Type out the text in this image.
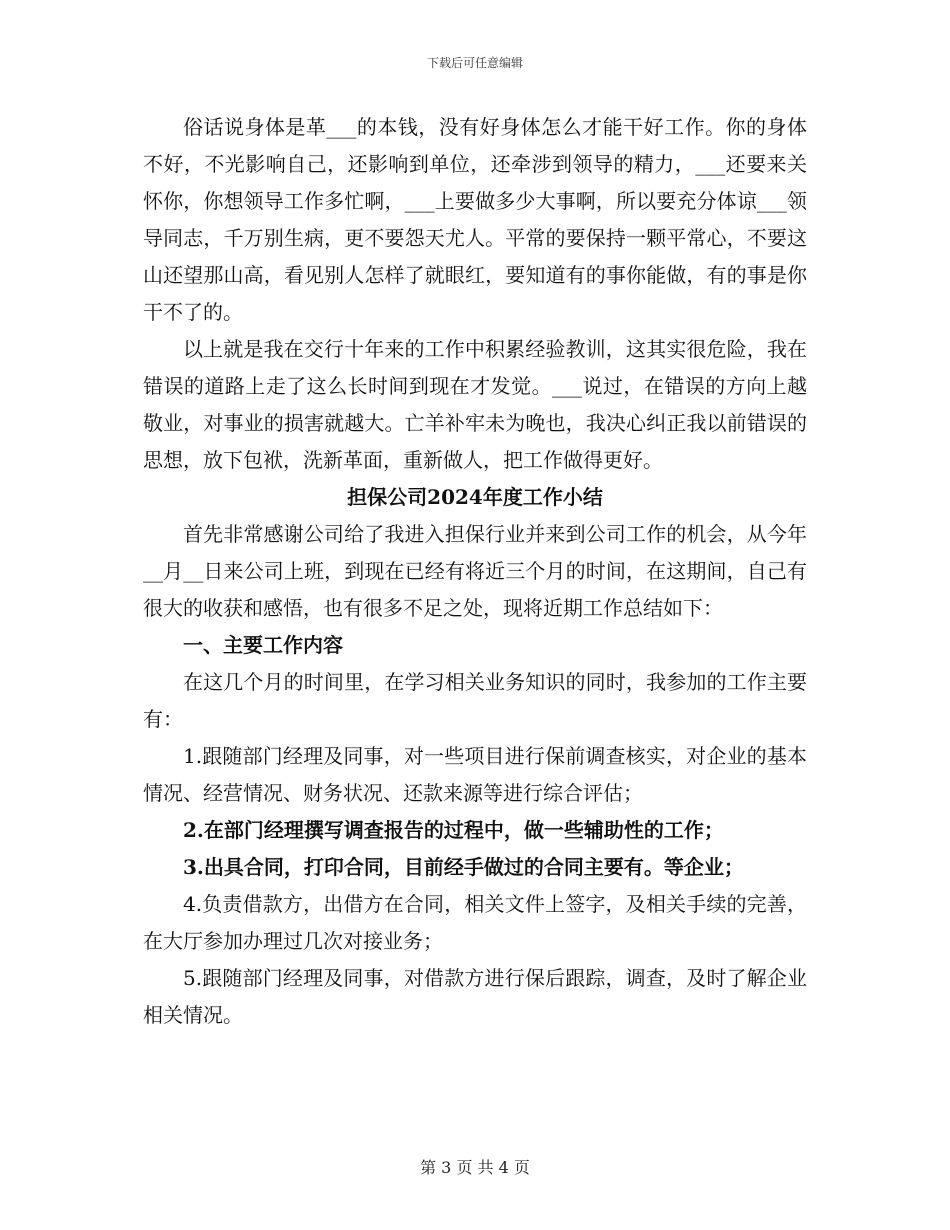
下载后可任意编辑

俗话说身体是革___的本钱，没有好身体怎么才能干好工作。你的身体不好，不光影响自己，还影响到单位，还牵涉到领导的精力，___还要来关怀你，你想领导工作多忙啊，___上要做多少大事啊，所以要充分体谅___领导同志，千万别生病，更不要怨天尤人。平常的要保持一颗平常心，不要这山还望那山高，看见别人怎样了就眼红，要知道有的事你能做，有的事是你干不了的。

以上就是我在交行十年来的工作中积累经验教训，这其实很危险，我在错误的道路上走了这么长时间到现在才发觉。___说过，在错误的方向上越敬业，对事业的损害就越大。亡羊补牢未为晚也，我决心纠正我以前错误的思想，放下包袱，洗新革面，重新做人，把工作做得更好。

担保公司2024年度工作小结

首先非常感谢公司给了我进入担保行业并来到公司工作的机会，从今年__月__日来公司上班，到现在已经有将近三个月的时间，在这期间，自己有很大的收获和感悟，也有很多不足之处，现将近期工作总结如下：

一、主要工作内容

在这几个月的时间里，在学习相关业务知识的同时，我参加的工作主要有：

1.跟随部门经理及同事，对一些项目进行保前调查核实，对企业的基本情况、经营情况、财务状况、还款来源等进行综合评估；

2.在部门经理撰写调查报告的过程中，做一些辅助性的工作；

3.出具合同，打印合同，目前经手做过的合同主要有。等企业；

4.负责借款方，出借方在合同，相关文件上签字，及相关手续的完善，在大厅参加办理过几次对接业务；

5.跟随部门经理及同事，对借款方进行保后跟踪，调查，及时了解企业相关情况。

第 3 页 共 4 页
